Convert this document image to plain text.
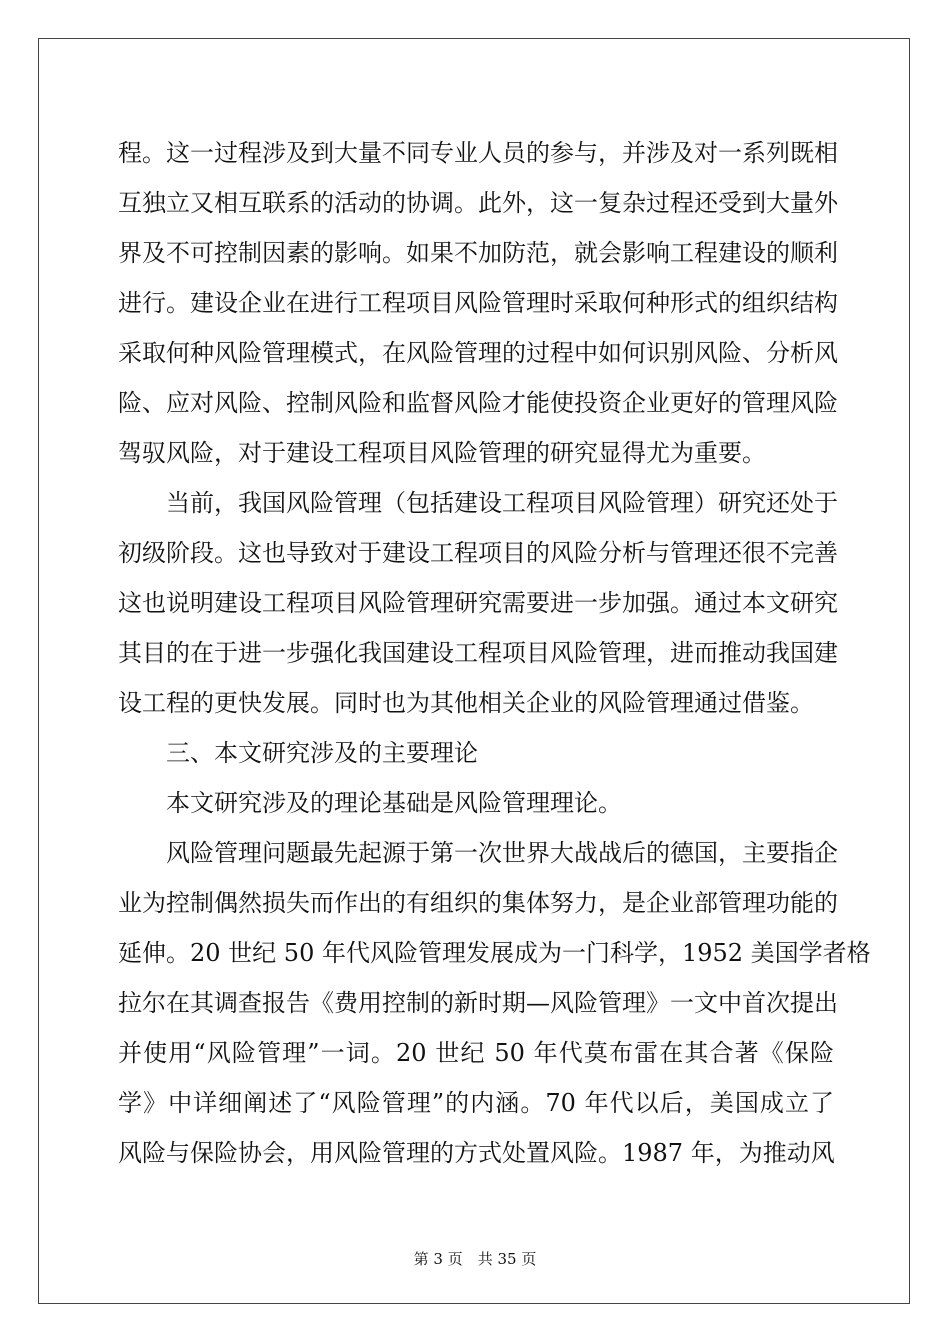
程。这一过程涉及到大量不同专业人员的参与，并涉及对一系列既相
互独立又相互联系的活动的协调。此外，这一复杂过程还受到大量外
界及不可控制因素的影响。如果不加防范，就会影响工程建设的顺利
进行。建设企业在进行工程项目风险管理时采取何种形式的组织结构
采取何种风险管理模式，在风险管理的过程中如何识别风险、分析风
险、应对风险、控制风险和监督风险才能使投资企业更好的管理风险
驾驭风险，对于建设工程项目风险管理的研究显得尤为重要。
当前，我国风险管理（包括建设工程项目风险管理）研究还处于
初级阶段。这也导致对于建设工程项目的风险分析与管理还很不完善
这也说明建设工程项目风险管理研究需要进一步加强。通过本文研究
其目的在于进一步强化我国建设工程项目风险管理，进而推动我国建
设工程的更快发展。同时也为其他相关企业的风险管理通过借鉴。
三、本文研究涉及的主要理论
本文研究涉及的理论基础是风险管理理论。
风险管理问题最先起源于第一次世界大战战后的德国，主要指企
业为控制偶然损失而作出的有组织的集体努力，是企业部管理功能的
延伸。20 世纪 50 年代风险管理发展成为一门科学，1952 美国学者格
拉尔在其调查报告《费用控制的新时期—风险管理》一文中首次提出
并使用“风险管理”一词。20 世纪 50 年代莫布雷在其合著《保险
学》中详细阐述了“风险管理”的内涵。70 年代以后，美国成立了
风险与保险协会，用风险管理的方式处置风险。1987 年，为推动风
第 3 页　共 35 页
